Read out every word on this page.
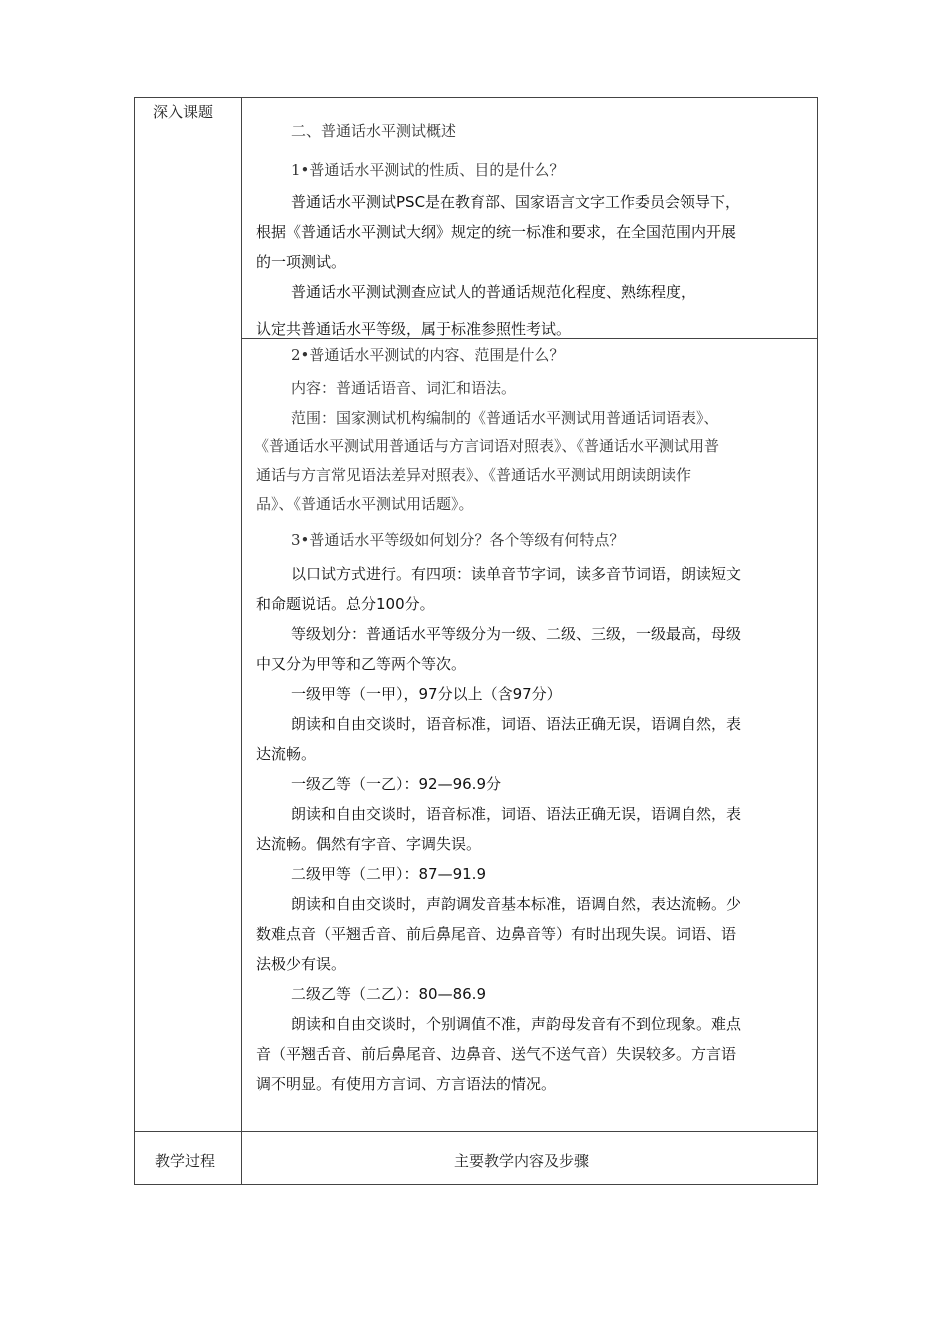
深入课题
教学过程	主要教学内容及步骤
二、普通话水平测试概述
1•普通话水平测试的性质、目的是什么？
普通话水平测试PSC是在教育部、国家语言文字工作委员会领导下，
根据《普通话水平测试大纲》规定的统一标准和要求，在全国范围内开展
的一项测试。
普通话水平测试测查应试人的普通话规范化程度、熟练程度，
认定共普通话水平等级，属于标准参照性考试。
2•普通话水平测试的内容、范围是什么？
内容：普通话语音、词汇和语法。
范围：国家测试机构编制的《普通话水平测试用普通话词语表》、
《普通话水平测试用普通话与方言词语对照表》、《普通话水平测试用普
通话与方言常见语法差异对照表》、《普通话水平测试用朗读朗读作
品》、《普通话水平测试用话题》。
3•普通话水平等级如何划分？各个等级有何特点？
以口试方式进行。有四项：读单音节字词，读多音节词语，朗读短文
和命题说话。总分100分。
等级划分：普通话水平等级分为一级、二级、三级，一级最高，母级
中又分为甲等和乙等两个等次。
一级甲等（一甲），97分以上（含97分）
朗读和自由交谈时，语音标准，词语、语法正确无误，语调自然，表
达流畅。
一级乙等（一乙）：92—96.9分
朗读和自由交谈时，语音标准，词语、语法正确无误，语调自然，表
达流畅。偶然有字音、字调失误。
二级甲等（二甲）：87—91.9
朗读和自由交谈时，声韵调发音基本标准，语调自然，表达流畅。少
数难点音（平翘舌音、前后鼻尾音、边鼻音等）有时出现失误。词语、语
法极少有误。
二级乙等（二乙）：80—86.9
朗读和自由交谈时，个别调值不准，声韵母发音有不到位现象。难点
音（平翘舌音、前后鼻尾音、边鼻音、送气不送气音）失误较多。方言语
调不明显。有使用方言词、方言语法的情况。
